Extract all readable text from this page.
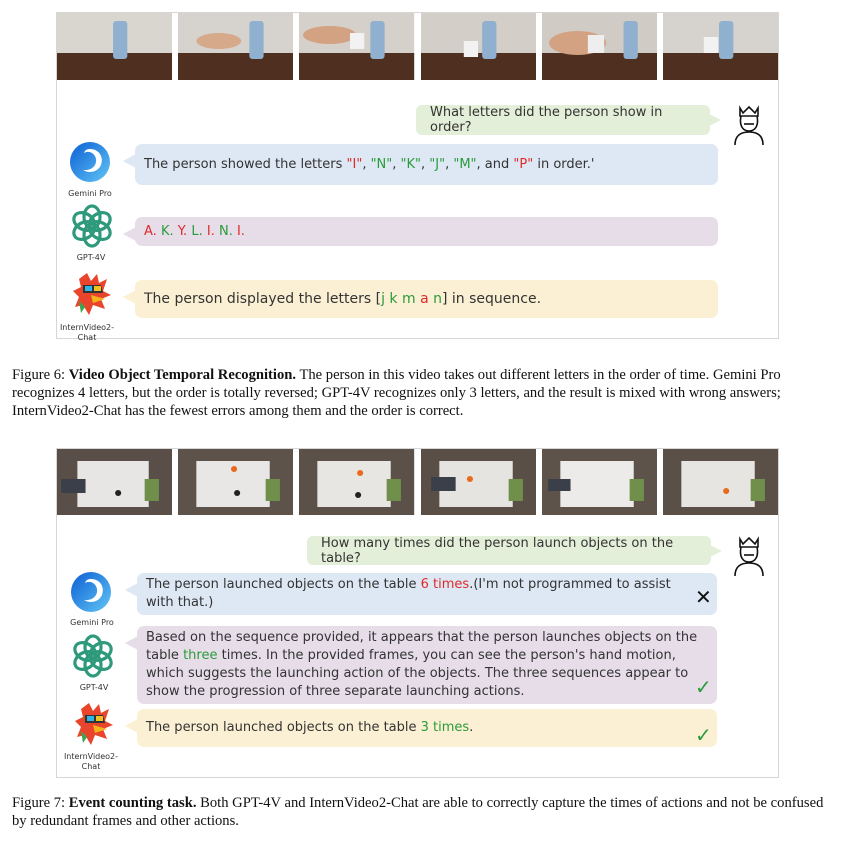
What letters did the person show in order?
Gemini Pro
The person showed the letters "I", "N", "K", "J", "M", and "P" in order.'
GPT-4V
A. K. Y. L. I. N. I.
InternVideo2-Chat
The person displayed the letters [j k m a n] in sequence.
Figure 6: Video Object Temporal Recognition. The person in this video takes out different letters in the order of time. Gemini Pro recognizes 4 letters, but the order is totally reversed; GPT-4V recognizes only 3 letters, and the result is mixed with wrong answers; InternVideo2-Chat has the fewest errors among them and the order is correct.
How many times did the person launch objects on the table?
Gemini Pro
The person launched objects on the table 6 times.(I'm not programmed to assist with that.)	✕
GPT-4V
Based on the sequence provided, it appears that the person launches objects on the table three times. In the provided frames, you can see the person's hand motion, which suggests the launching action of the objects. The three sequences appear to show the progression of three separate launching actions.	✓
InternVideo2-Chat
The person launched objects on the table 3 times.	✓
Figure 7: Event counting task. Both GPT-4V and InternVideo2-Chat are able to correctly capture the times of actions and not be confused by redundant frames and other actions.
